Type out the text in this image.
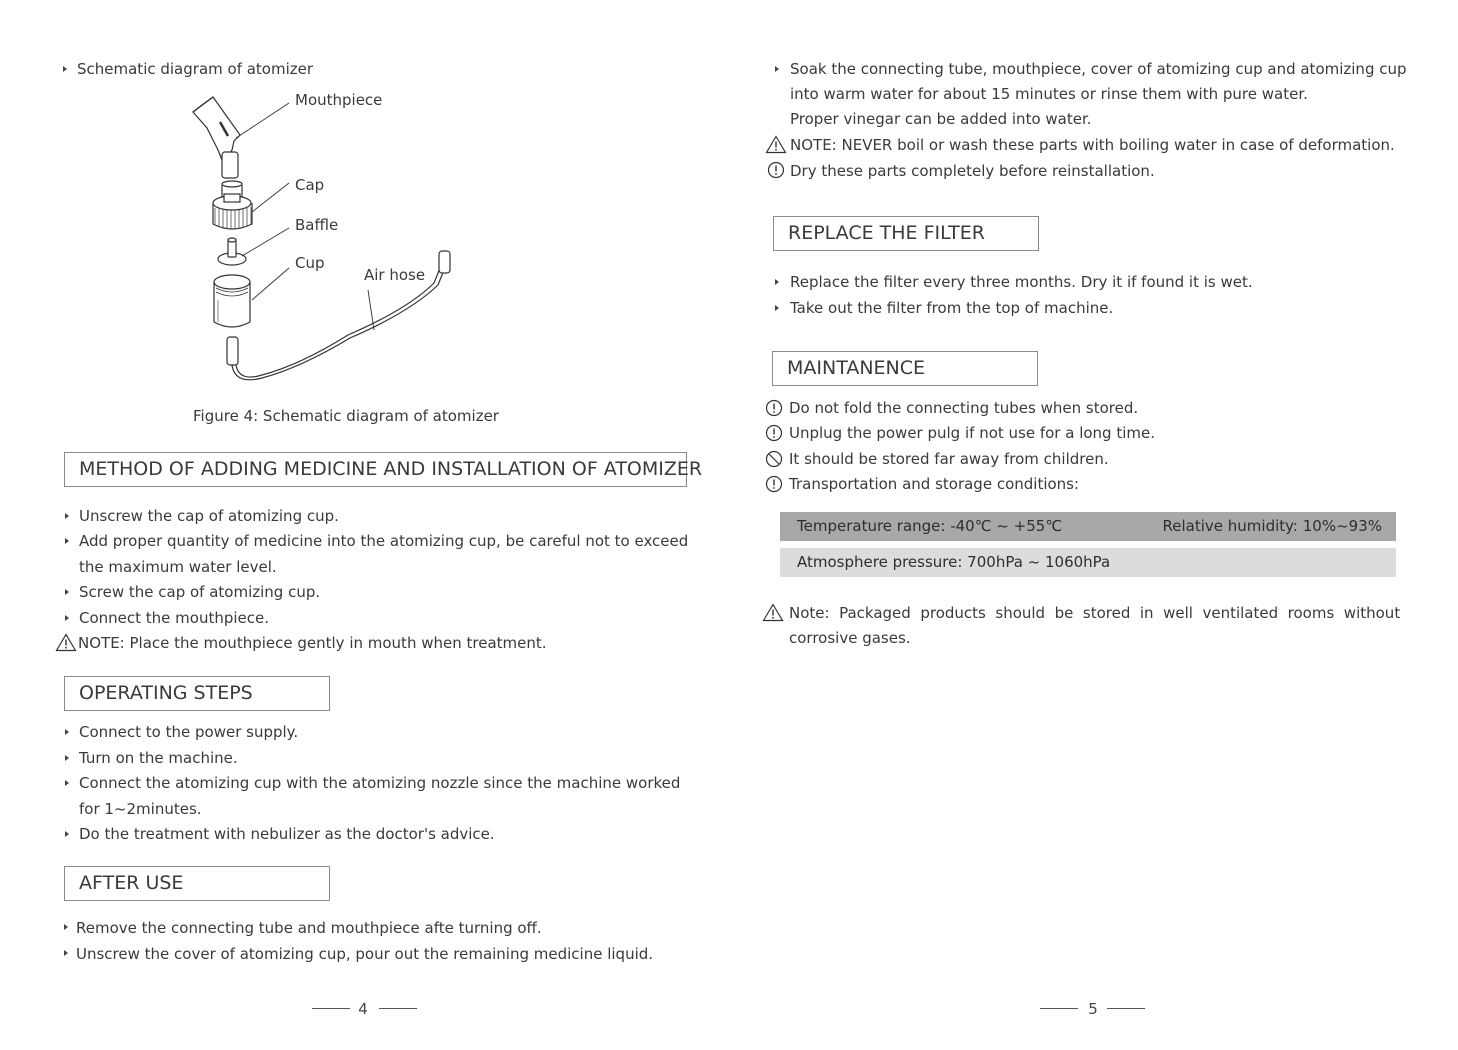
Schematic diagram of atomizer
Mouthpiece
Cap
Baffle
Cup
Air hose
Figure 4: Schematic diagram of atomizer
METHOD OF ADDING MEDICINE AND INSTALLATION OF ATOMIZER
Unscrew the cap of atomizing cup.
Add proper quantity of medicine into the atomizing cup, be careful not to exceed
the maximum water level.
Screw the cap of atomizing cup.
Connect the mouthpiece.
NOTE: Place the mouthpiece gently in mouth when treatment.
OPERATING STEPS
Connect to the power supply.
Turn on the machine.
Connect the atomizing cup with the atomizing nozzle since the machine worked
for 1~2minutes.
Do the treatment with nebulizer as the doctor's advice.
AFTER USE
Remove the connecting tube and mouthpiece afte turning off.
Unscrew the cover of atomizing cup, pour out the remaining medicine liquid.
4
Soak the connecting tube, mouthpiece, cover of atomizing cup and atomizing cup
into warm water for about 15 minutes or rinse them with pure water.
Proper vinegar can be added into water.
NOTE: NEVER boil or wash these parts with boiling water in case of deformation.
Dry these parts completely before reinstallation.
REPLACE THE FILTER
Replace the filter every three months. Dry it if found it is wet.
Take out the filter from the top of machine.
MAINTANENCE
Do not fold the connecting tubes when stored.
Unplug the power pulg if not use for a long time.
It should be stored far away from children.
Transportation and storage conditions:
Temperature range: -40℃ ~ +55℃	Relative humidity: 10%~93%
Atmosphere pressure: 700hPa ~ 1060hPa
Note:  Packaged  products  should  be  stored  in  well  ventilated  rooms  without
corrosive gases.
5
